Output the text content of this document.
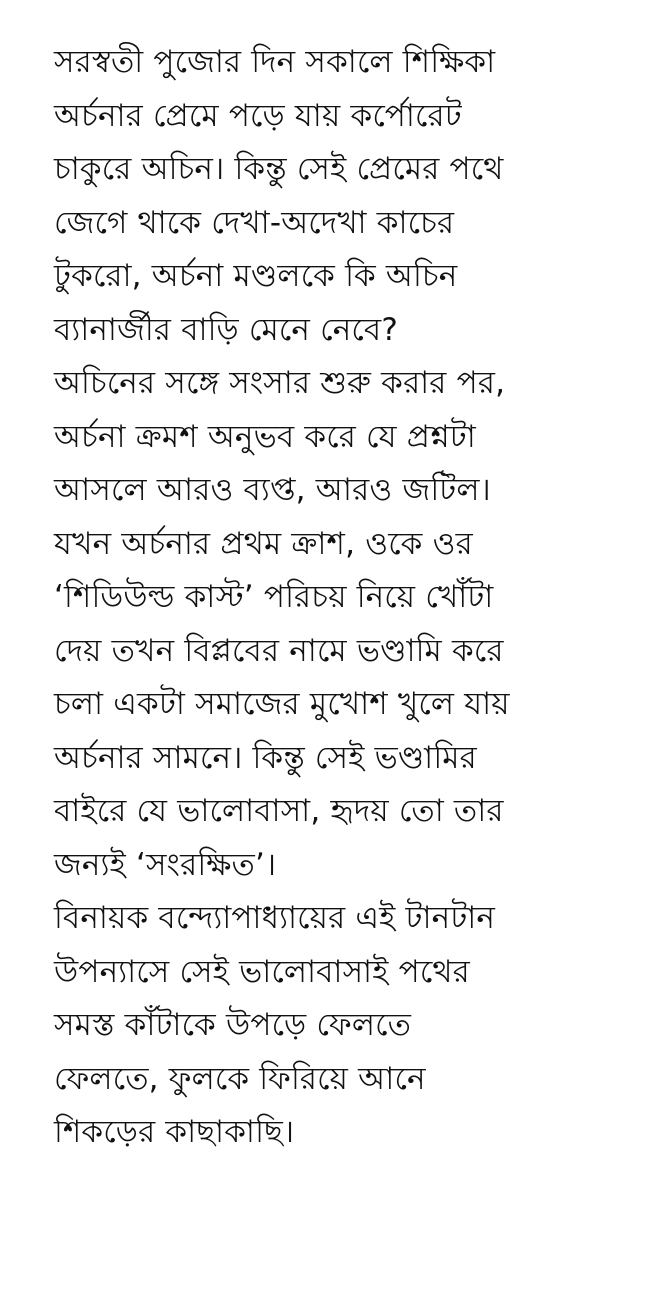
সরস্বতী পুজোর দিন সকালে শিক্ষিকা
অর্চনার প্রেমে পড়ে যায় কর্পোরেট
চাকুরে অচিন। কিন্তু সেই প্রেমের পথে
জেগে থাকে দেখা-অদেখা কাচের
টুকরো, অর্চনা মণ্ডলকে কি অচিন
ব্যানার্জীর বাড়ি মেনে নেবে?
অচিনের সঙ্গে সংসার শুরু করার পর,
অর্চনা ক্রমশ অনুভব করে যে প্রশ্নটা
আসলে আরও ব্যপ্ত, আরও জটিল।
যখন অর্চনার প্রথম ক্রাশ, ওকে ওর
‘শিডিউল্ড কাস্ট’ পরিচয় নিয়ে খোঁটা
দেয় তখন বিপ্লবের নামে ভণ্ডামি করে
চলা একটা সমাজের মুখোশ খুলে যায়
অর্চনার সামনে। কিন্তু সেই ভণ্ডামির
বাইরে যে ভালোবাসা, হৃদয় তো তার
জন্যই ‘সংরক্ষিত’।
বিনায়ক বন্দ্যোপাধ্যায়ের এই টানটান
উপন্যাসে সেই ভালোবাসাই পথের
সমস্ত কাঁটাকে উপড়ে ফেলতে
ফেলতে, ফুলকে ফিরিয়ে আনে
শিকড়ের কাছাকাছি।
